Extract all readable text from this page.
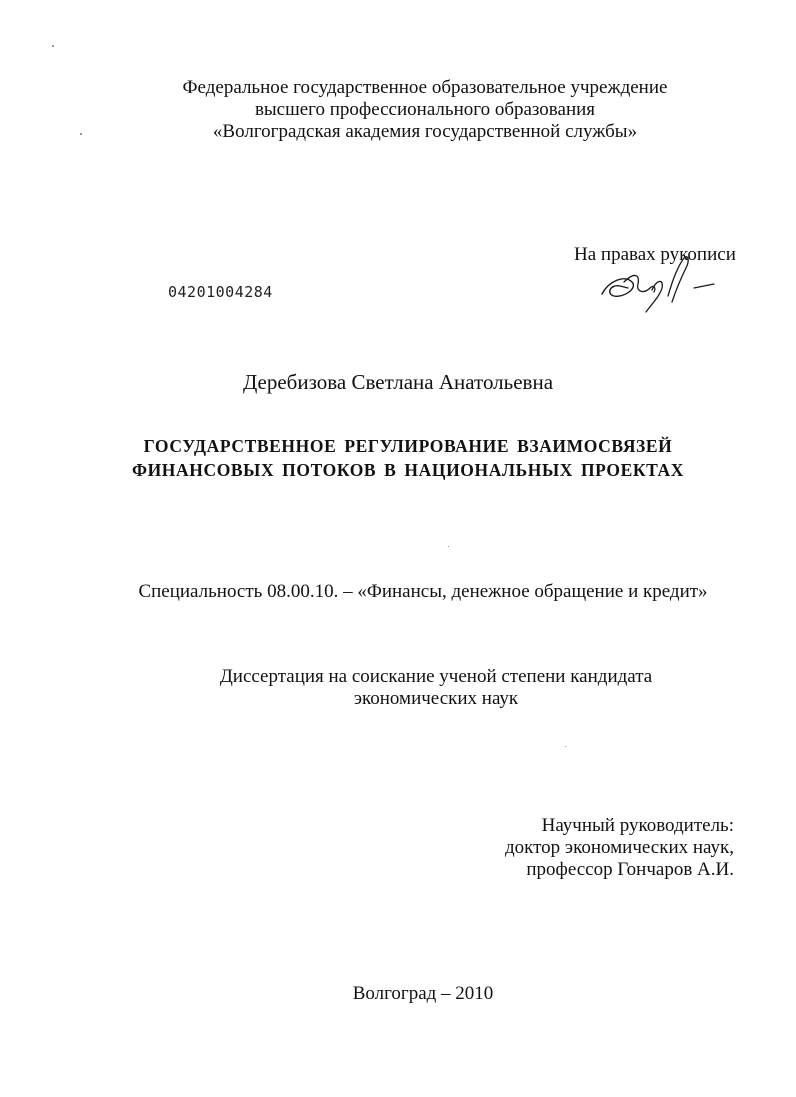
Федеральное государственное образовательное учреждение
высшего профессионального образования
«Волгоградская академия государственной службы»
На правах рукописи
04201004284
Деребизова Светлана Анатольевна
ГОСУДАРСТВЕННОЕ РЕГУЛИРОВАНИЕ ВЗАИМОСВЯЗЕЙ
ФИНАНСОВЫХ ПОТОКОВ В НАЦИОНАЛЬНЫХ ПРОЕКТАХ
Специальность 08.00.10. – «Финансы, денежное обращение и кредит»
Диссертация на соискание ученой степени кандидата
экономических наук
Научный руководитель:
доктор экономических наук,
профессор Гончаров А.И.
Волгоград – 2010
